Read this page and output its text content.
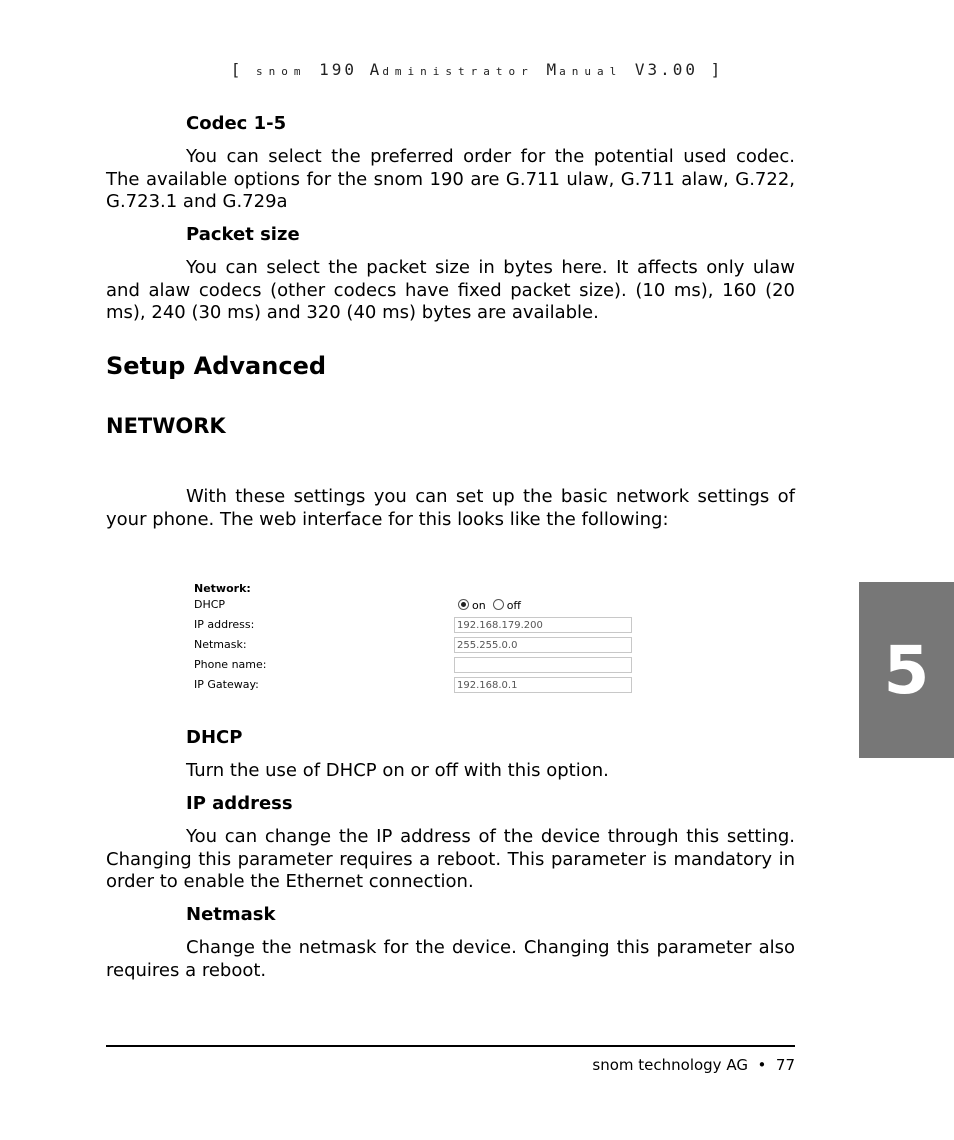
[ snom 190 Administrator Manual V3.00 ]
Codec 1-5
You can select the preferred order for the potential used codec. The available options for the snom 190 are G.711 ulaw, G.711 alaw, G.722, G.723.1 and G.729a
Packet size
You can select the packet size in bytes here. It affects only ulaw and alaw codecs (other codecs have fixed packet size). (10 ms), 160 (20 ms), 240 (30 ms) and 320 (40 ms) bytes are available.
Setup Advanced
NETWORK
With these settings you can set up the basic network settings of your phone. The web interface for this looks like the following:
Network:
DHCP	on off
IP address:	192.168.179.200
Netmask:	255.255.0.0
Phone name:
IP Gateway:	192.168.0.1
DHCP
Turn the use of DHCP on or off with this option.
IP address
You can change the IP address of the device through this setting. Changing this parameter requires a reboot. This parameter is mandatory in order to enable the Ethernet connection.
Netmask
Change the netmask for the device. Changing this parameter also requires a reboot.
5
snom technology AG • 77
